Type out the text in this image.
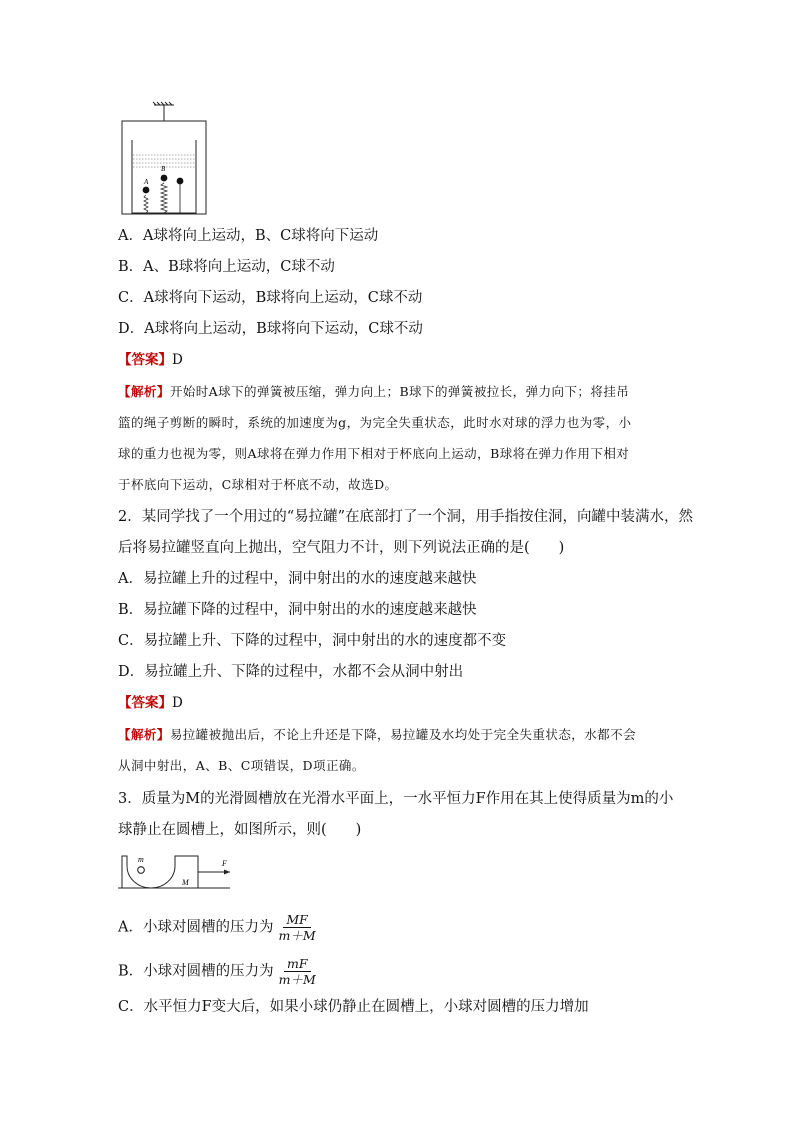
A
B
A．A球将向上运动，B、C球将向下运动
B．A、B球将向上运动，C球不动
C．A球将向下运动，B球将向上运动，C球不动
D．A球将向上运动，B球将向下运动，C球不动
【答案】D
【解析】开始时A球下的弹簧被压缩，弹力向上；B球下的弹簧被拉长，弹力向下；将挂吊
篮的绳子剪断的瞬时，系统的加速度为g，为完全失重状态，此时水对球的浮力也为零，小
球的重力也视为零，则A球将在弹力作用下相对于杯底向上运动，B球将在弹力作用下相对
于杯底向下运动，C球相对于杯底不动，故选D。
2．某同学找了一个用过的“易拉罐”在底部打了一个洞，用手指按住洞，向罐中装满水，然
后将易拉罐竖直向上抛出，空气阻力不计，则下列说法正确的是(　　)
A．易拉罐上升的过程中，洞中射出的水的速度越来越快
B．易拉罐下降的过程中，洞中射出的水的速度越来越快
C．易拉罐上升、下降的过程中，洞中射出的水的速度都不变
D．易拉罐上升、下降的过程中，水都不会从洞中射出
【答案】D
【解析】易拉罐被抛出后，不论上升还是下降，易拉罐及水均处于完全失重状态，水都不会
从洞中射出，A、B、C项错误，D项正确。
3．质量为M的光滑圆槽放在光滑水平面上，一水平恒力F作用在其上使得质量为m的小
球静止在圆槽上，如图所示，则(　　)
m
M
F
A．小球对圆槽的压力为 $\frac{MF}{m+M}$
B．小球对圆槽的压力为 $\frac{mF}{m+M}$
C．水平恒力F变大后，如果小球仍静止在圆槽上，小球对圆槽的压力增加
